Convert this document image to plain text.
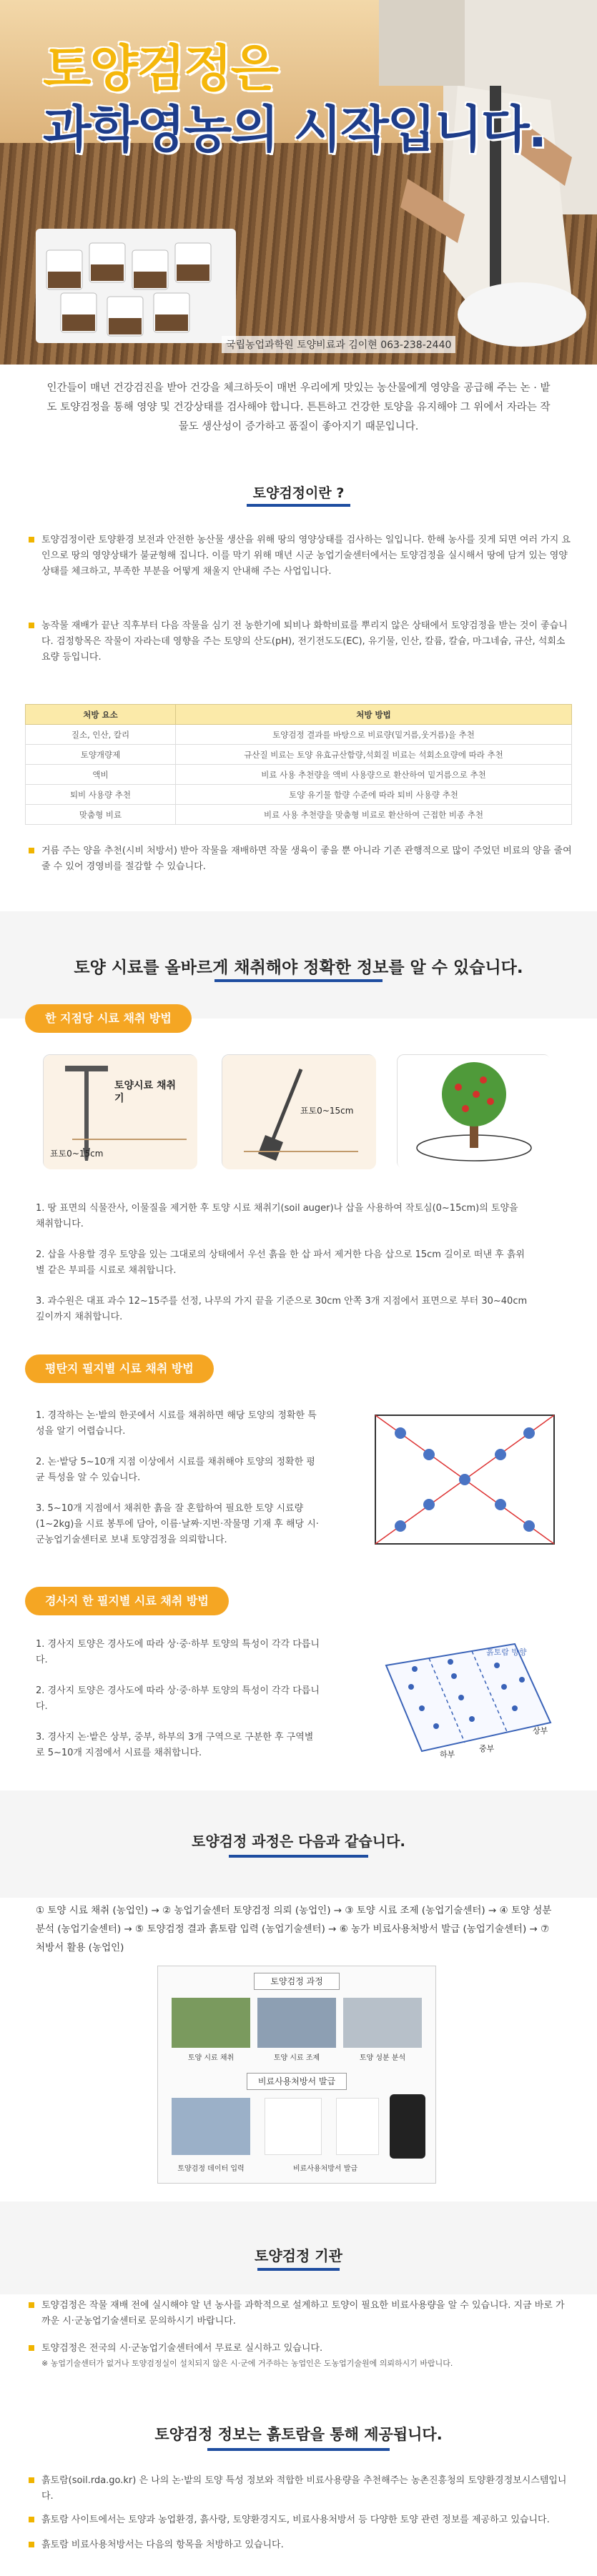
토양검정은
과학영농의 시작입니다.
국립농업과학원 토양비료과 김이현 063-238-2440
인간들이 매년 건강검진을 받아 건강을 체크하듯이 매번 우리에게 맛있는 농산물에게 영양을 공급해 주는 논 · 밭도 토양검정을 통해 영양 및 건강상태를 검사해야 합니다. 튼튼하고 건강한 토양을 유지해야 그 위에서 자라는 작물도 생산성이 증가하고 품질이 좋아지기 때문입니다.
토양검정이란 ?
토양검정이란 토양환경 보전과 안전한 농산물 생산을 위해 땅의 영양상태를 검사하는 일입니다. 한해 농사를 짓게 되면 여러 가지 요인으로 땅의 영양상태가 불균형해 집니다. 이를 막기 위해 매년 시군 농업기술센터에서는 토양검정을 실시해서 땅에 담겨 있는 영양 상태를 체크하고, 부족한 부분을 어떻게 채울지 안내해 주는 사업입니다.
농작물 재배가 끝난 직후부터 다음 작물을 심기 전 농한기에 퇴비나 화학비료를 뿌리지 않은 상태에서 토양검정을 받는 것이 좋습니다. 검정항목은 작물이 자라는데 영향을 주는 토양의 산도(pH), 전기전도도(EC), 유기물, 인산, 칼륨, 칼슘, 마그네슘, 규산, 석회소요량 등입니다.
처방 요소	처방 방법
질소, 인산, 칼리	토양검정 결과를 바탕으로 비료량(밑거름,웃거름)을 추천
토양개량제	규산질 비료는 토양 유효규산함량,석회질 비료는 석회소요량에 따라 추천
액비	비료 사용 추천량을 액비 사용량으로 환산하여 밑거름으로 추천
퇴비 사용량 추천	토양 유기물 함량 수준에 따라 퇴비 사용량 추천
맞춤형 비료	비료 사용 추천량을 맞춤형 비료로 환산하여 근접한 비종 추천
거름 주는 양을 추천(시비 처방서) 받아 작물을 재배하면 작물 생육이 좋을 뿐 아니라 기존 관행적으로 많이 주었던 비료의 양을 줄여 줄 수 있어 경영비를 절감할 수 있습니다.
토양 시료를 올바르게 채취해야 정확한 정보를 알 수 있습니다.
한 지점당 시료 채취 방법
토양시료 채취기
표토0~15cm
표토0~15cm
1. 땅 표면의 식물잔사, 이물질을 제거한 후 토양 시료 채취기(soil auger)나 삽을 사용하여 작토심(0~15cm)의 토양을 채취합니다.
2. 삽을 사용할 경우 토양을 있는 그대로의 상태에서 우선 흙을 한 삽 파서 제거한 다음 삽으로 15cm 길이로 떠낸 후 흙위별 같은 부피를 시료로 채취합니다.
3. 과수원은 대표 과수 12~15주를 선정, 나무의 가지 끝을 기준으로 30cm 안쪽 3개 지점에서 표면으로 부터 30~40cm 깊이까지 채취합니다.
평탄지 필지별 시료 채취 방법
1. 경작하는 논·밭의 한곳에서 시료를 채취하면 해당 토양의 정확한 특성을 알기 어렵습니다.
2. 논·밭당 5~10개 지점 이상에서 시료를 채취해야 토양의 정확한 평균 특성을 알 수 있습니다.
3. 5~10개 지점에서 채취한 흙을 잘 혼합하여 필요한 토양 시료량(1~2kg)을 시료 봉투에 담아, 이름·날짜·지번·작물명 기재 후 해당 시·군농업기술센터로 보내 토양검정을 의뢰합니다.
경사지 한 필지별 시료 채취 방법
1. 경사지 토양은 경사도에 따라 상·중·하부 토양의 특성이 각각 다릅니다.
2. 경사지 토양은 경사도에 따라 상·중·하부 토양의 특성이 각각 다릅니다.
3. 경사지 논·밭은 상부, 중부, 하부의 3개 구역으로 구분한 후 구역별로 5~10개 지점에서 시료를 채취합니다.
흙토람 방향
상부
중부
하부
토양검정 과정은 다음과 같습니다.
① 토양 시료 채취 (농업인) → ② 농업기술센터 토양검정 의뢰 (농업인) → ③ 토양 시료 조제 (농업기술센터) → ④ 토양 성분 분석 (농업기술센터) → ⑤ 토양검정 결과 흙토람 입력 (농업기술센터) → ⑥ 농가 비료사용처방서 발급 (농업기술센터) → ⑦ 처방서 활용 (농업인)
토양검정 과정
토양 시료 채취	토양 시료 조제	토양 성분 분석
비료사용처방서 발급
토양검정 데이터 입력	비료사용처방서 발급
토양검정 기관
토양검정은 작물 재배 전에 실시해야 알 년 농사를 과학적으로 설계하고 토양이 필요한 비료사용량을 알 수 있습니다. 지금 바로 가까운 시·군농업기술센터로 문의하시기 바랍니다.
토양검정은 전국의 시·군농업기술센터에서 무료로 실시하고 있습니다.
※ 농업기술센터가 없거나 토양검정실이 설치되지 않은 시·군에 거주하는 농업인은 도농업기술원에 의뢰하시기 바랍니다.
토양검정 정보는 흙토람을 통해 제공됩니다.
흙토람(soil.rda.go.kr) 은 나의 논·밭의 토양 특성 정보와 적합한 비료사용량을 추천해주는 농촌진흥청의 토양환경정보시스템입니다.
흙토람 사이트에서는 토양과 농업환경, 흙사랑, 토양환경지도, 비료사용처방서 등 다양한 토양 관련 정보를 제공하고 있습니다.
흙토람 비료사용처방서는 다음의 항목을 처방하고 있습니다.
